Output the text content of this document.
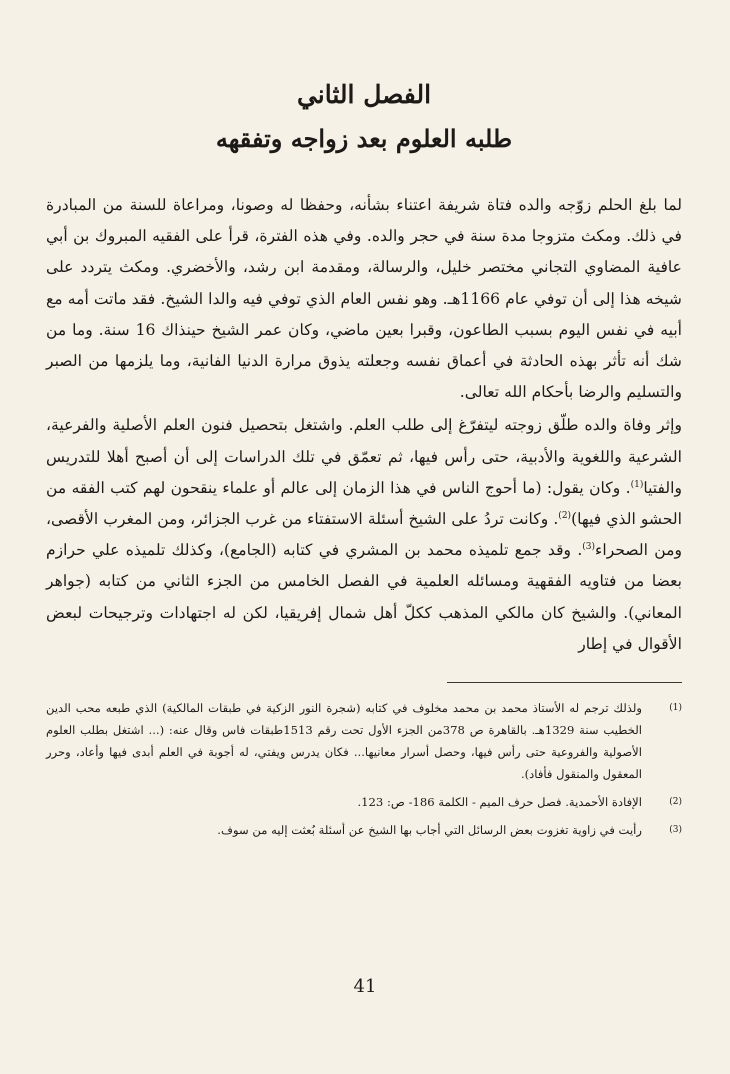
الفصل الثاني
طلبه العلوم بعد زواجه وتفقهه

لما بلغ الحلم زوّجه والده فتاة شريفة اعتناء بشأنه، وحفظا له وصونا، ومراعاة للسنة من المبادرة في ذلك. ومكث متزوجا مدة سنة في حجر والده. وفي هذه الفترة، قرأ على الفقيه المبروك بن أبي عافية المضاوي التجاني مختصر خليل، والرسالة، ومقدمة ابن رشد، والأخضري. ومكث يتردد على شيخه هذا إلى أن توفي عام 1166هـ. وهو نفس العام الذي توفي فيه والدا الشيخ. فقد ماتت أمه مع أبيه في نفس اليوم بسبب الطاعون، وقبرا بعين ماضي، وكان عمر الشيخ حينذاك 16 سنة. وما من شك أنه تأثر بهذه الحادثة في أعماق نفسه وجعلته يذوق مرارة الدنيا الفانية، وما يلزمها من الصبر والتسليم والرضا بأحكام الله تعالى.

وإثر وفاة والده طلّق زوجته ليتفرّغ إلى طلب العلم. واشتغل بتحصيل فنون العلم الأصلية والفرعية، الشرعية واللغوية والأدبية، حتى رأس فيها، ثم تعمّق في تلك الدراسات إلى أن أصبح أهلا للتدريس والفتيا$^{(1)}$. وكان يقول: (ما أحوج الناس في هذا الزمان إلى عالم أو علماء ينقحون لهم كتب الفقه من الحشو الذي فيها)$^{(2)}$. وكانت تردُ على الشيخ أسئلة الاستفتاء من غرب الجزائر، ومن المغرب الأقصى، ومن الصحراء$^{(3)}$. وقد جمع تلميذه محمد بن المشري في كتابه (الجامع)، وكذلك تلميذه علي حرازم بعضا من فتاويه الفقهية ومسائله العلمية في الفصل الخامس من الجزء الثاني من كتابه (جواهر المعاني). والشيخ كان مالكي المذهب ككلّ أهل شمال إفريقيا، لكن له اجتهادات وترجيحات لبعض الأقوال في إطار

(1)
ولذلك ترجم له الأستاذ محمد بن محمد مخلوف في كتابه (شجرة النور الزكية في طبقات المالكية) الذي طبعه محب الدين الخطيب سنة 1329هـ. بالقاهرة ص 378من الجزء الأول تحت رقم 1513طبقات فاس وقال عنه: (... اشتغل بطلب العلوم الأصولية والفروعية حتى رأس فيها، وحصل أسرار معانيها... فكان يدرس ويفتي، له أجوبة في العلم أبدى فيها وأعاد، وحرر المعقول والمنقول فأفاد).
(2)
الإفادة الأحمدية. فصل حرف الميم - الكلمة 186- ص: 123.
(3)
رأيت في زاوية تغزوت بعض الرسائل التي أجاب بها الشيخ عن أسئلة بُعثت إليه من سوف.
41
